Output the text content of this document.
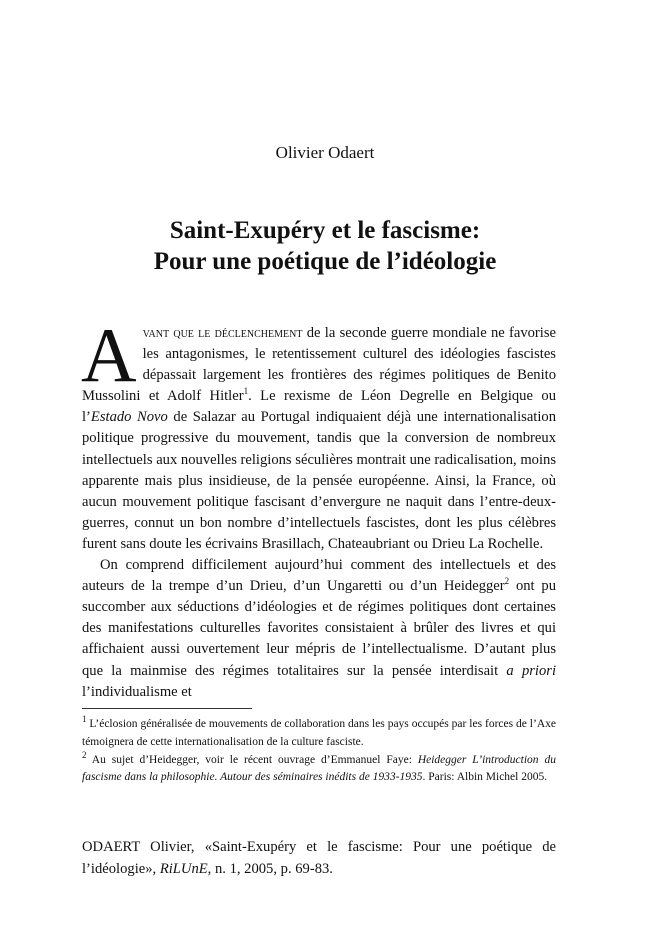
Olivier Odaert
Saint-Exupéry et le fascisme:
Pour une poétique de l’idéologie

Avant que le déclenchement de la seconde guerre mondiale ne favorise les antagonismes, le retentissement culturel des idéologies fascistes dépassait largement les frontières des régimes politiques de Benito Mussolini et Adolf Hitler$^1$. Le rexisme de Léon Degrelle en Belgique ou l’Estado Novo de Salazar au Portugal indiquaient déjà une internationalisation politique progressive du mouvement, tandis que la conversion de nombreux intellectuels aux nouvelles religions séculières montrait une radicalisation, moins apparente mais plus insidieuse, de la pensée européenne. Ainsi, la France, où aucun mouvement politique fascisant d’envergure ne naquit dans l’entre-deux-guerres, connut un bon nombre d’intellectuels fascistes, dont les plus célèbres furent sans doute les écrivains Brasillach, Chateaubriant ou Drieu La Rochelle.

On comprend difficilement aujourd’hui comment des intellectuels et des auteurs de la trempe d’un Drieu, d’un Ungaretti ou d’un Heidegger$^2$ ont pu succomber aux séductions d’idéologies et de régimes politiques dont certaines des manifestations culturelles favorites consistaient à brûler des livres et qui affichaient aussi ouvertement leur mépris de l’intellectualisme. D’autant plus que la mainmise des régimes totalitaires sur la pensée interdisait a priori l’individualisme et

$^1$ L’éclosion généralisée de mouvements de collaboration dans les pays occupés par les forces de l’Axe témoignera de cette internationalisation de la culture fasciste.

$^2$ Au sujet d’Heidegger, voir le récent ouvrage d’Emmanuel Faye: Heidegger L’introduction du fascisme dans la philosophie. Autour des séminaires inédits de 1933-1935. Paris: Albin Michel 2005.

ODAERT Olivier, «Saint-Exupéry et le fascisme: Pour une poétique de l’idéologie», RiLUnE, n. 1, 2005, p. 69-83.
